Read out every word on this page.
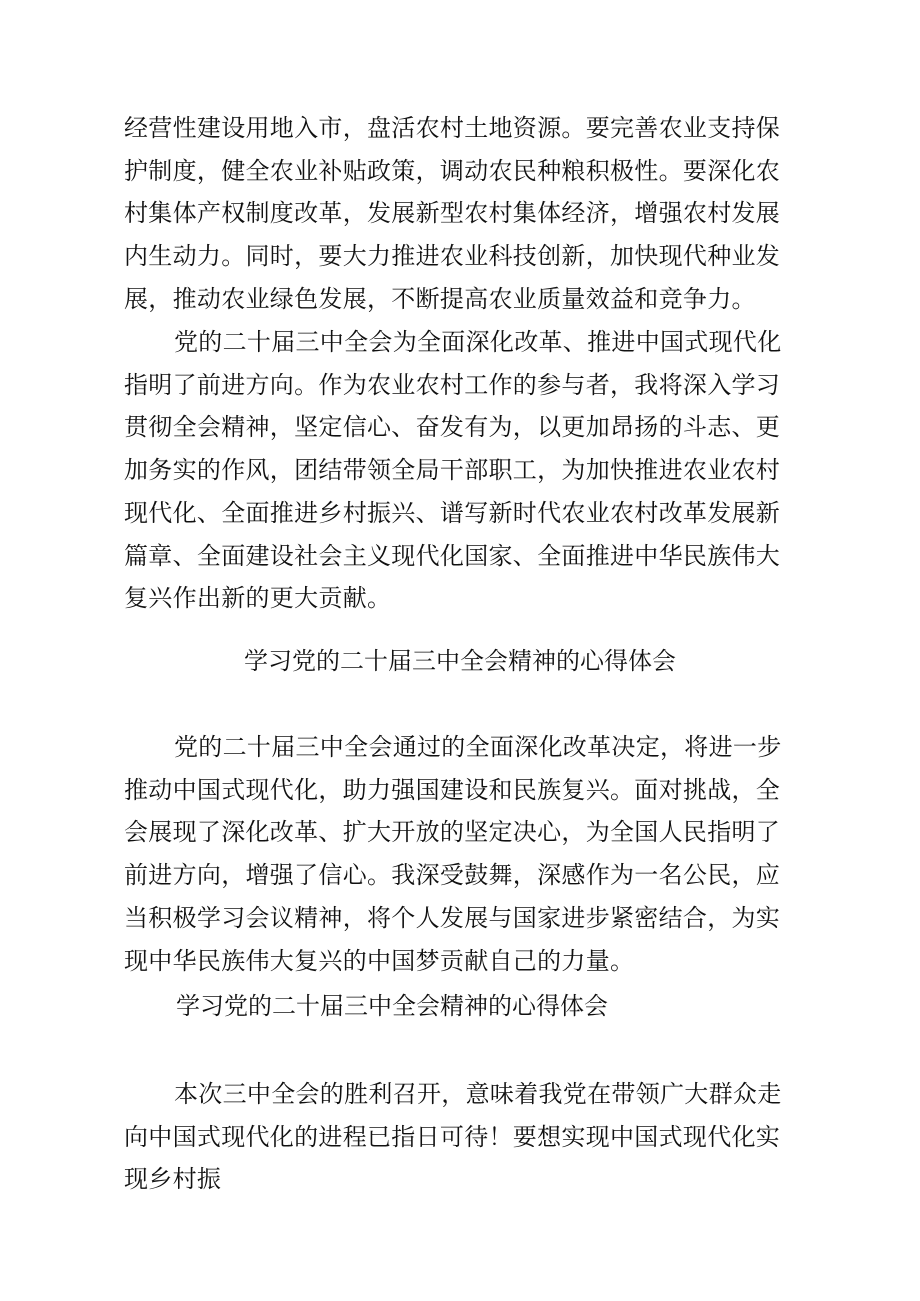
经营性建设用地入市，盘活农村土地资源。要完善农业支持保护制度，健全农业补贴政策，调动农民种粮积极性。要深化农村集体产权制度改革，发展新型农村集体经济，增强农村发展内生动力。同时，要大力推进农业科技创新，加快现代种业发展，推动农业绿色发展，不断提高农业质量效益和竞争力。

党的二十届三中全会为全面深化改革、推进中国式现代化指明了前进方向。作为农业农村工作的参与者，我将深入学习贯彻全会精神，坚定信心、奋发有为，以更加昂扬的斗志、更加务实的作风，团结带领全局干部职工，为加快推进农业农村现代化、全面推进乡村振兴、谱写新时代农业农村改革发展新篇章、全面建设社会主义现代化国家、全面推进中华民族伟大复兴作出新的更大贡献。

学习党的二十届三中全会精神的心得体会

党的二十届三中全会通过的全面深化改革决定，将进一步推动中国式现代化，助力强国建设和民族复兴。面对挑战，全会展现了深化改革、扩大开放的坚定决心，为全国人民指明了前进方向，增强了信心。我深受鼓舞，深感作为一名公民，应当积极学习会议精神，将个人发展与国家进步紧密结合，为实现中华民族伟大复兴的中国梦贡献自己的力量。

学习党的二十届三中全会精神的心得体会

本次三中全会的胜利召开，意味着我党在带领广大群众走向中国式现代化的进程已指日可待！要想实现中国式现代化实现乡村振
